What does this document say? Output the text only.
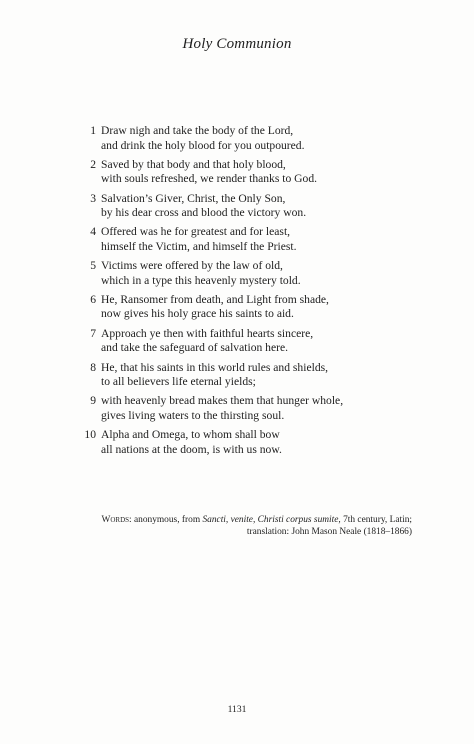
Holy Communion
1 Draw nigh and take the body of the Lord,
and drink the holy blood for you outpoured.
2 Saved by that body and that holy blood,
with souls refreshed, we render thanks to God.
3 Salvation’s Giver, Christ, the Only Son,
by his dear cross and blood the victory won.
4 Offered was he for greatest and for least,
himself the Victim, and himself the Priest.
5 Victims were offered by the law of old,
which in a type this heavenly mystery told.
6 He, Ransomer from death, and Light from shade,
now gives his holy grace his saints to aid.
7 Approach ye then with faithful hearts sincere,
and take the safeguard of salvation here.
8 He, that his saints in this world rules and shields,
to all believers life eternal yields;
9 with heavenly bread makes them that hunger whole,
gives living waters to the thirsting soul.
10 Alpha and Omega, to whom shall bow
all nations at the doom, is with us now.
Words: anonymous, from Sancti, venite, Christi corpus sumite, 7th century, Latin;
translation: John Mason Neale (1818–1866)
1131
